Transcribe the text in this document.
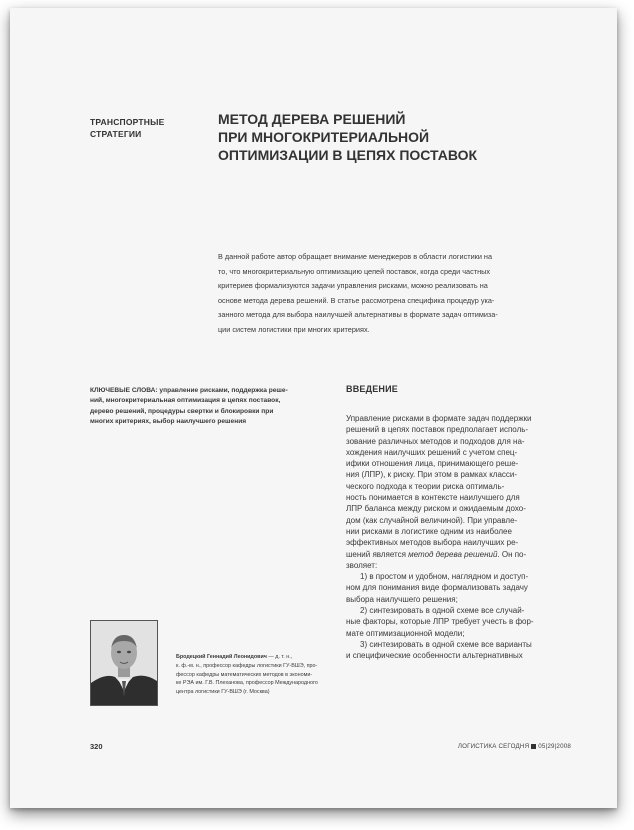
ТРАНСПОРТНЫЕ
СТРАТЕГИИ
МЕТОД ДЕРЕВА РЕШЕНИЙ
ПРИ МНОГОКРИТЕРИАЛЬНОЙ
ОПТИМИЗАЦИИ В ЦЕПЯХ ПОСТАВОК
В данной работе автор обращает внимание менеджеров в области логистики на
то, что многокритериальную оптимизацию цепей поставок, когда среди частных
критериев формализуются задачи управления рисками, можно реализовать на
основе метода дерева решений. В статье рассмотрена специфика процедур ука-
занного метода для выбора наилучшей альтернативы в формате задач оптимиза-
ции систем логистики при многих критериях.
КЛЮЧЕВЫЕ СЛОВА: управление рисками, поддержка реше-
ний, многокритериальная оптимизация в цепях поставок,
дерево решений, процедуры свертки и блокировки при
многих критериях, выбор наилучшего решения
ВВЕДЕНИЕ
Управление рисками в формате задач поддержки
решений в цепях поставок предполагает исполь-
зование различных методов и подходов для на-
хождения наилучших решений с учетом спец-
ифики отношения лица, принимающего реше-
ния (ЛПР), к риску. При этом в рамках класси-
ческого подхода к теории риска оптималь-
ность понимается в контексте наилучшего для
ЛПР баланса между риском и ожидаемым дохо-
дом (как случайной величиной). При управле-
нии рисками в логистике одним из наиболее
эффективных методов выбора наилучших ре-
шений является метод дерева решений. Он по-
зволяет:
1) в простом и удобном, наглядном и доступ-
ном для понимания виде формализовать задачу
выбора наилучшего решения;
2) синтезировать в одной схеме все случай-
ные факторы, которые ЛПР требует учесть в фор-
мате оптимизационной модели;
3) синтезировать в одной схеме все варианты
и специфические особенности альтернативных
Бродецкий Геннадий Леонидович — д. т. н.,
к. ф.-м. н., профессор кафедры логистики ГУ-ВШЭ, про-
фессор кафедры математических методов в экономи-
ке РЭА им. Г.В. Плеханова, профессор Международного
центра логистики ГУ-ВШЭ (г. Москва)
320	ЛОГИСТИКА СЕГОДНЯ 05|29|2008
